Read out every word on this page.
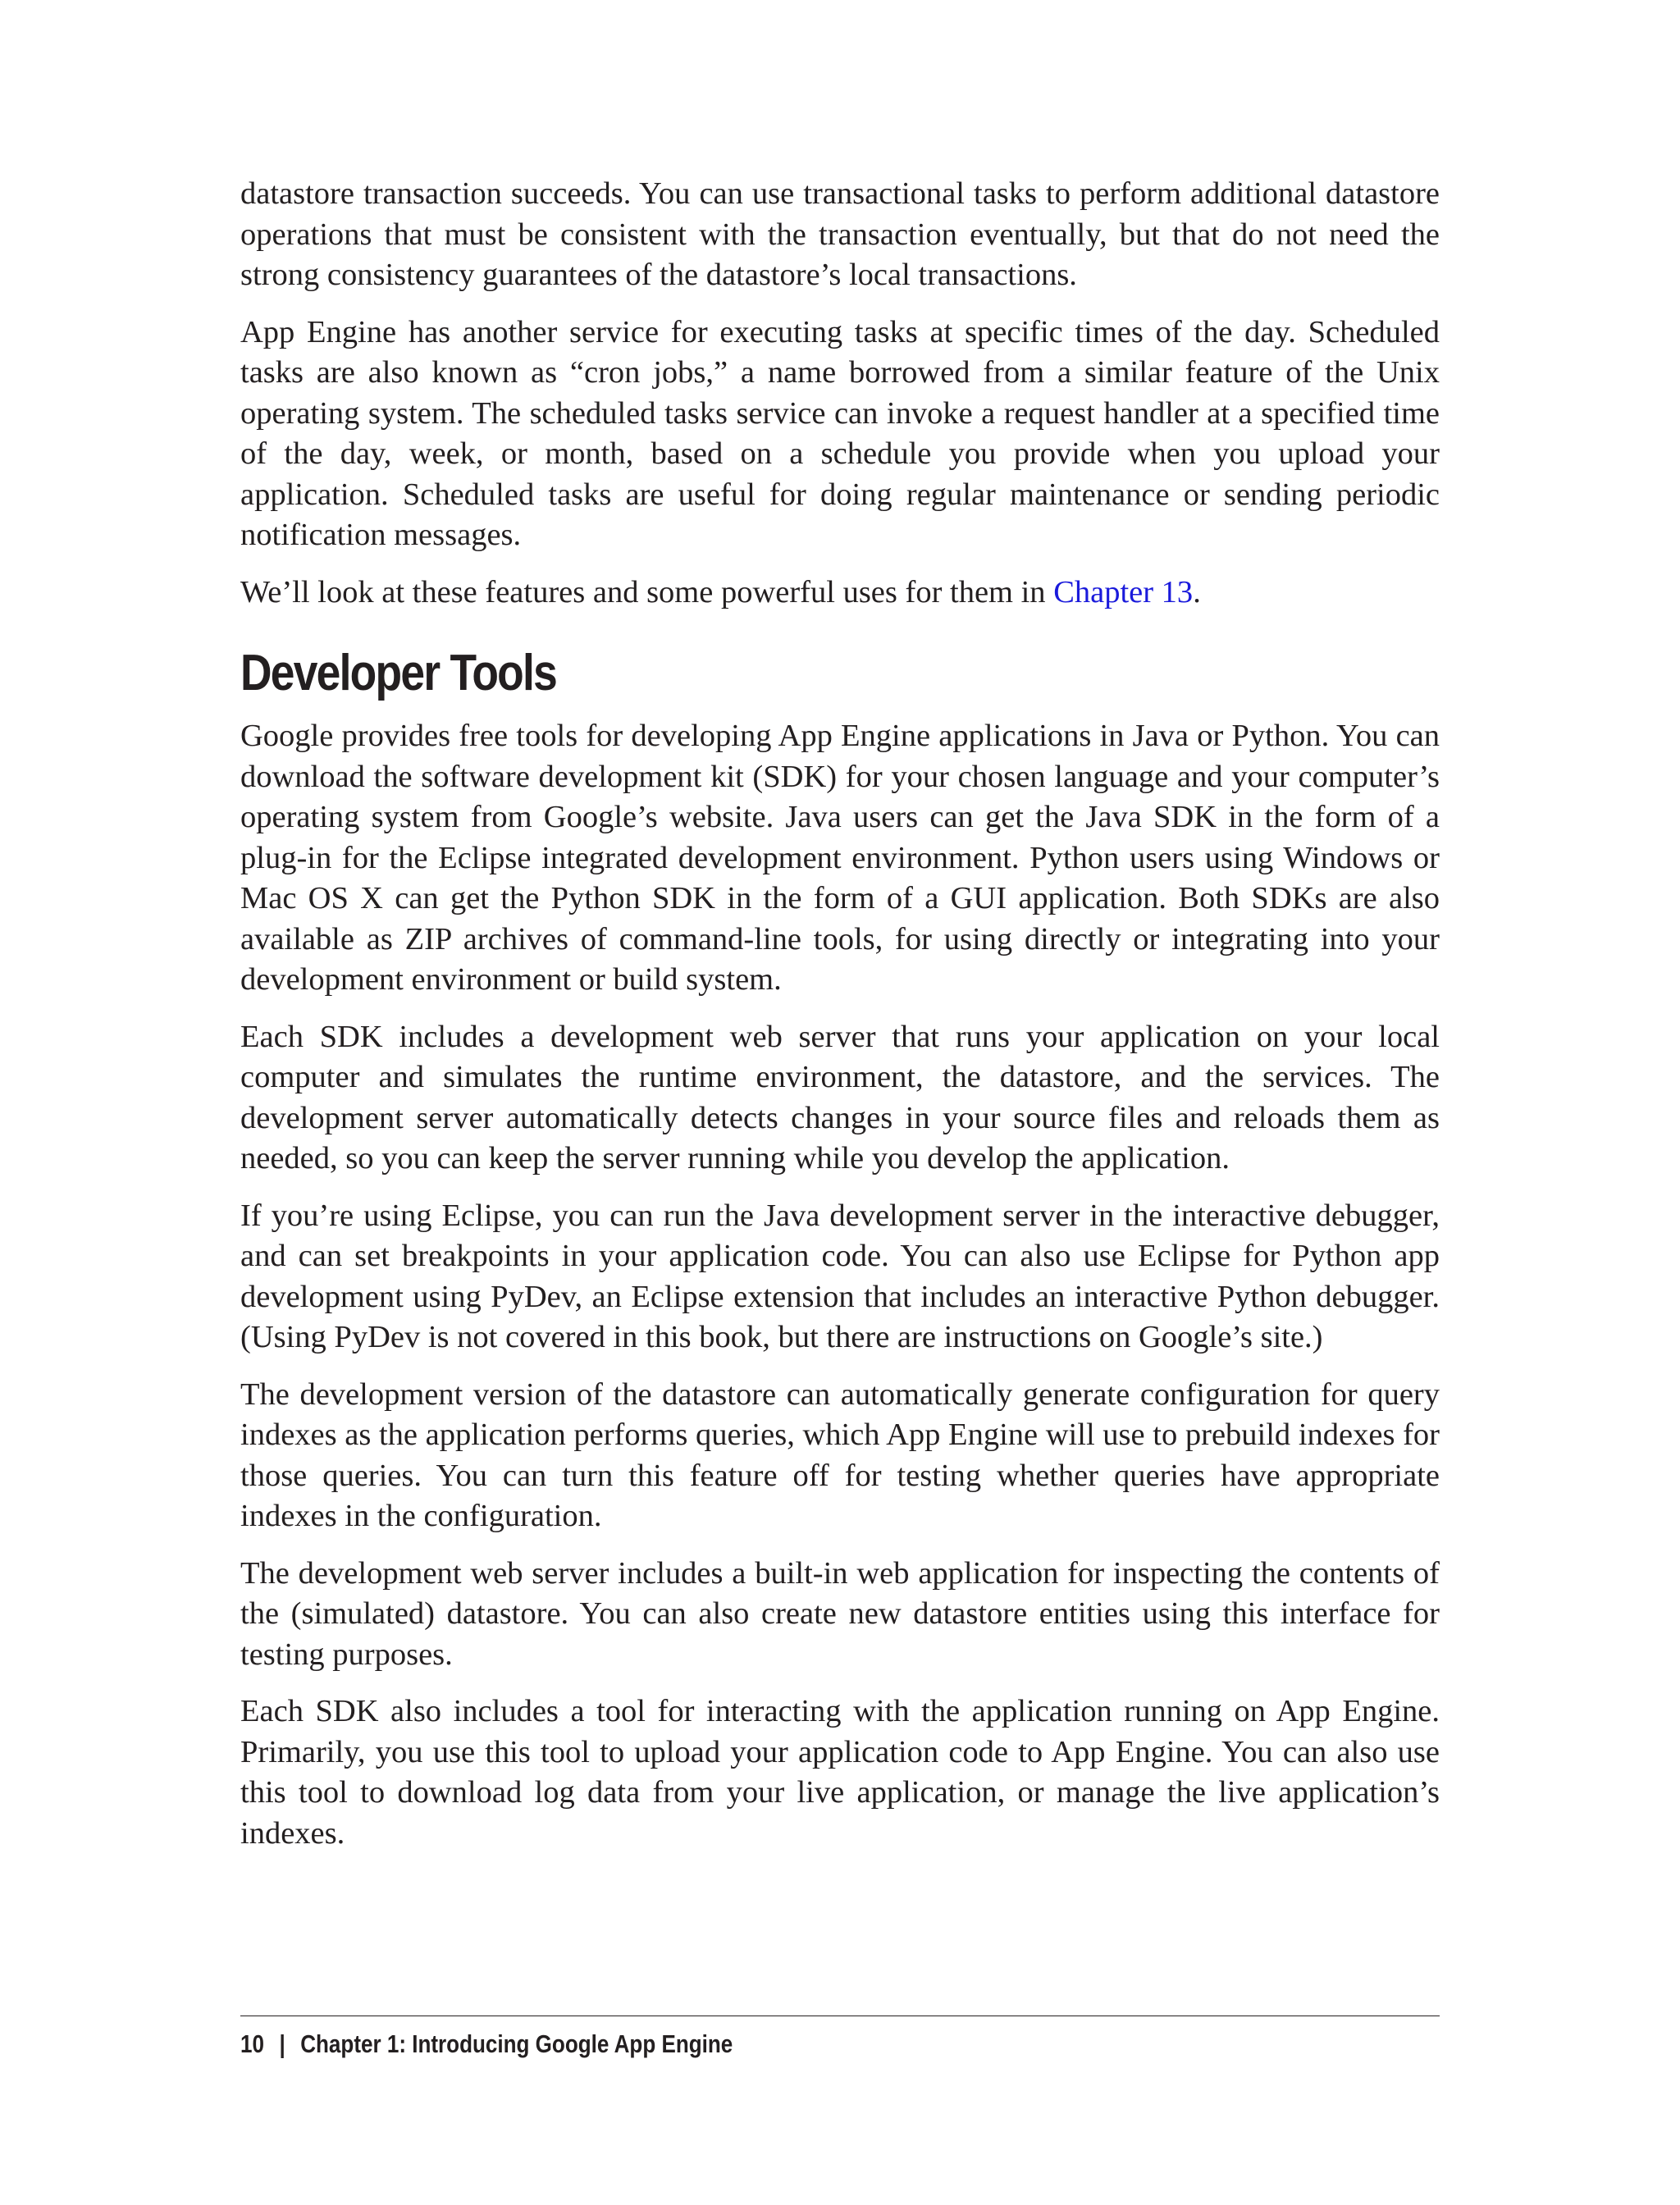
datastore transaction succeeds. You can use transactional tasks to perform additional datastore operations that must be consistent with the transaction eventually, but that do not need the strong consistency guarantees of the datastore’s local transactions.

App Engine has another service for executing tasks at specific times of the day. Scheduled tasks are also known as “cron jobs,” a name borrowed from a similar feature of the Unix operating system. The scheduled tasks service can invoke a request handler at a specified time of the day, week, or month, based on a schedule you provide when you upload your application. Scheduled tasks are useful for doing regular maintenance or sending periodic notification messages.

We’ll look at these features and some powerful uses for them in Chapter 13.

Developer Tools

Google provides free tools for developing App Engine applications in Java or Python. You can download the software development kit (SDK) for your chosen language and your computer’s operating system from Google’s website. Java users can get the Java SDK in the form of a plug-in for the Eclipse integrated development environment. Python users using Windows or Mac OS X can get the Python SDK in the form of a GUI application. Both SDKs are also available as ZIP archives of command-line tools, for using directly or integrating into your development environment or build system.

Each SDK includes a development web server that runs your application on your local computer and simulates the runtime environment, the datastore, and the services. The development server automatically detects changes in your source files and reloads them as needed, so you can keep the server running while you develop the application.

If you’re using Eclipse, you can run the Java development server in the interactive debugger, and can set breakpoints in your application code. You can also use Eclipse for Python app development using PyDev, an Eclipse extension that includes an interactive Python debugger. (Using PyDev is not covered in this book, but there are instructions on Google’s site.)

The development version of the datastore can automatically generate configuration for query indexes as the application performs queries, which App Engine will use to prebuild indexes for those queries. You can turn this feature off for testing whether queries have appropriate indexes in the configuration.

The development web server includes a built-in web application for inspecting the contents of the (simulated) datastore. You can also create new datastore entities using this interface for testing purposes.

Each SDK also includes a tool for interacting with the application running on App Engine. Primarily, you use this tool to upload your application code to App Engine. You can also use this tool to download log data from your live application, or manage the live application’s indexes.

10 | Chapter 1: Introducing Google App Engine
